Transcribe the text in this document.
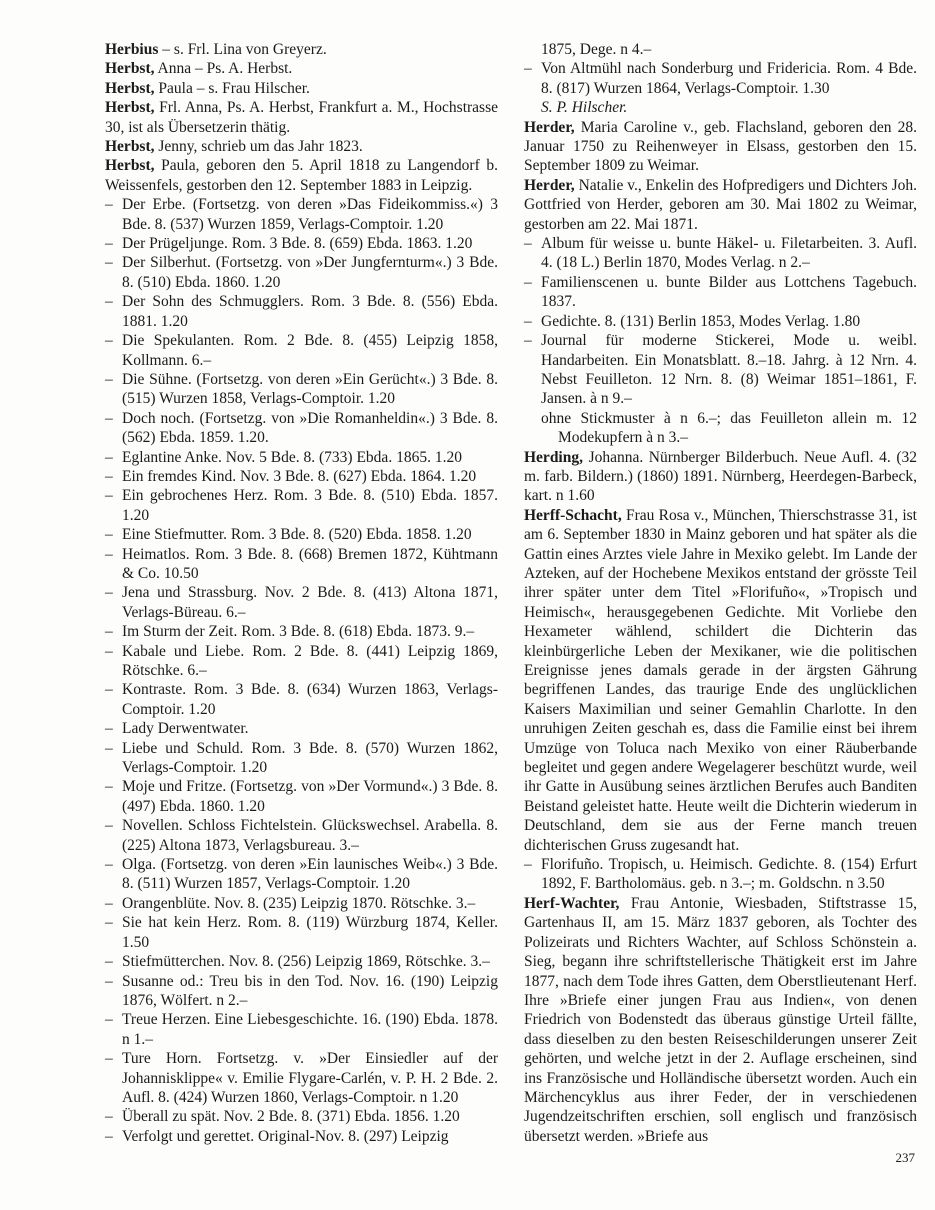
Herbius – s. Frl. Lina von Greyerz.

Herbst, Anna – Ps. A. Herbst.

Herbst, Paula – s. Frau Hilscher.

Herbst, Frl. Anna, Ps. A. Herbst, Frankfurt a. M., Hochstrasse 30, ist als Übersetzerin thätig.

Herbst, Jenny, schrieb um das Jahr 1823.

Herbst, Paula, geboren den 5. April 1818 zu Langendorf b. Weissenfels, gestorben den 12. September 1883 in Leipzig.

– Der Erbe. (Fortsetzg. von deren »Das Fideikommiss.«) 3 Bde. 8. (537) Wurzen 1859, Verlags-Comptoir. 1.20

– Der Prügeljunge. Rom. 3 Bde. 8. (659) Ebda. 1863. 1.20

– Der Silberhut. (Fortsetzg. von »Der Jungfernturm«.) 3 Bde. 8. (510) Ebda. 1860. 1.20

– Der Sohn des Schmugglers. Rom. 3 Bde. 8. (556) Ebda. 1881. 1.20

– Die Spekulanten. Rom. 2 Bde. 8. (455) Leipzig 1858, Kollmann. 6.–

– Die Sühne. (Fortsetzg. von deren »Ein Gerücht«.) 3 Bde. 8. (515) Wurzen 1858, Verlags-Comptoir. 1.20

– Doch noch. (Fortsetzg. von »Die Romanheldin«.) 3 Bde. 8. (562) Ebda. 1859. 1.20.

– Eglantine Anke. Nov. 5 Bde. 8. (733) Ebda. 1865. 1.20

– Ein fremdes Kind. Nov. 3 Bde. 8. (627) Ebda. 1864. 1.20

– Ein gebrochenes Herz. Rom. 3 Bde. 8. (510) Ebda. 1857. 1.20

– Eine Stiefmutter. Rom. 3 Bde. 8. (520) Ebda. 1858. 1.20

– Heimatlos. Rom. 3 Bde. 8. (668) Bremen 1872, Kühtmann & Co. 10.50

– Jena und Strassburg. Nov. 2 Bde. 8. (413) Altona 1871, Verlags-Büreau. 6.–

– Im Sturm der Zeit. Rom. 3 Bde. 8. (618) Ebda. 1873. 9.–

– Kabale und Liebe. Rom. 2 Bde. 8. (441) Leipzig 1869, Rötschke. 6.–

– Kontraste. Rom. 3 Bde. 8. (634) Wurzen 1863, Verlags-Comptoir. 1.20

– Lady Derwentwater.

– Liebe und Schuld. Rom. 3 Bde. 8. (570) Wurzen 1862, Verlags-Comptoir. 1.20

– Moje und Fritze. (Fortsetzg. von »Der Vormund«.) 3 Bde. 8. (497) Ebda. 1860. 1.20

– Novellen. Schloss Fichtelstein. Glückswechsel. Arabella. 8. (225) Altona 1873, Verlagsbureau. 3.–

– Olga. (Fortsetzg. von deren »Ein launisches Weib«.) 3 Bde. 8. (511) Wurzen 1857, Verlags-Comptoir. 1.20

– Orangenblüte. Nov. 8. (235) Leipzig 1870. Rötschke. 3.–

– Sie hat kein Herz. Rom. 8. (119) Würzburg 1874, Keller. 1.50

– Stiefmütterchen. Nov. 8. (256) Leipzig 1869, Rötschke. 3.–

– Susanne od.: Treu bis in den Tod. Nov. 16. (190) Leipzig 1876, Wölfert. n 2.–

– Treue Herzen. Eine Liebesgeschichte. 16. (190) Ebda. 1878. n 1.–

– Ture Horn. Fortsetzg. v. »Der Einsiedler auf der Johannisklippe« v. Emilie Flygare-Carlén, v. P. H. 2 Bde. 2. Aufl. 8. (424) Wurzen 1860, Verlags-Comptoir. n 1.20

– Überall zu spät. Nov. 2 Bde. 8. (371) Ebda. 1856. 1.20

– Verfolgt und gerettet. Original-Nov. 8. (297) Leipzig

1875, Dege. n 4.–

– Von Altmühl nach Sonderburg und Fridericia. Rom. 4 Bde. 8. (817) Wurzen 1864, Verlags-Comptoir. 1.30

S. P. Hilscher.

Herder, Maria Caroline v., geb. Flachsland, geboren den 28. Januar 1750 zu Reihenweyer in Elsass, gestorben den 15. September 1809 zu Weimar.

Herder, Natalie v., Enkelin des Hofpredigers und Dichters Joh. Gottfried von Herder, geboren am 30. Mai 1802 zu Weimar, gestorben am 22. Mai 1871.

– Album für weisse u. bunte Häkel- u. Filetarbeiten. 3. Aufl. 4. (18 L.) Berlin 1870, Modes Verlag. n 2.–

– Familienscenen u. bunte Bilder aus Lottchens Tagebuch. 1837.

– Gedichte. 8. (131) Berlin 1853, Modes Verlag. 1.80

– Journal für moderne Stickerei, Mode u. weibl. Handarbeiten. Ein Monatsblatt. 8.–18. Jahrg. à 12 Nrn. 4. Nebst Feuilleton. 12 Nrn. 8. (8) Weimar 1851–1861, F. Jansen. à n 9.–

ohne Stickmuster à n 6.–; das Feuilleton allein m. 12 Modekupfern à n 3.–

Herding, Johanna. Nürnberger Bilderbuch. Neue Aufl. 4. (32 m. farb. Bildern.) (1860) 1891. Nürnberg, Heerdegen-Barbeck, kart. n 1.60

Herff-Schacht, Frau Rosa v., München, Thierschstrasse 31, ist am 6. September 1830 in Mainz geboren und hat später als die Gattin eines Arztes viele Jahre in Mexiko gelebt. Im Lande der Azteken, auf der Hochebene Mexikos entstand der grösste Teil ihrer später unter dem Titel »Florifuño«, »Tropisch und Heimisch«, herausgegebenen Gedichte. Mit Vorliebe den Hexameter wählend, schildert die Dichterin das kleinbürgerliche Leben der Mexikaner, wie die politischen Ereignisse jenes damals gerade in der ärgsten Gährung begriffenen Landes, das traurige Ende des unglücklichen Kaisers Maximilian und seiner Gemahlin Charlotte. In den unruhigen Zeiten geschah es, dass die Familie einst bei ihrem Umzüge von Toluca nach Mexiko von einer Räuberbande begleitet und gegen andere Wegelagerer beschützt wurde, weil ihr Gatte in Ausübung seines ärztlichen Berufes auch Banditen Beistand geleistet hatte. Heute weilt die Dichterin wiederum in Deutschland, dem sie aus der Ferne manch treuen dichterischen Gruss zugesandt hat.

– Florifuño. Tropisch, u. Heimisch. Gedichte. 8. (154) Erfurt 1892, F. Bartholomäus. geb. n 3.–; m. Goldschn. n 3.50

Herf-Wachter, Frau Antonie, Wiesbaden, Stiftstrasse 15, Gartenhaus II, am 15. März 1837 geboren, als Tochter des Polizeirats und Richters Wachter, auf Schloss Schönstein a. Sieg, begann ihre schriftstellerische Thätigkeit erst im Jahre 1877, nach dem Tode ihres Gatten, dem Oberstlieutenant Herf. Ihre »Briefe einer jungen Frau aus Indien«, von denen Friedrich von Bodenstedt das überaus günstige Urteil fällte, dass dieselben zu den besten Reiseschilderungen unserer Zeit gehörten, und welche jetzt in der 2. Auflage erscheinen, sind ins Französische und Holländische übersetzt worden. Auch ein Märchencyklus aus ihrer Feder, der in verschiedenen Jugendzeitschriften erschien, soll englisch und französisch übersetzt werden. »Briefe aus

237
